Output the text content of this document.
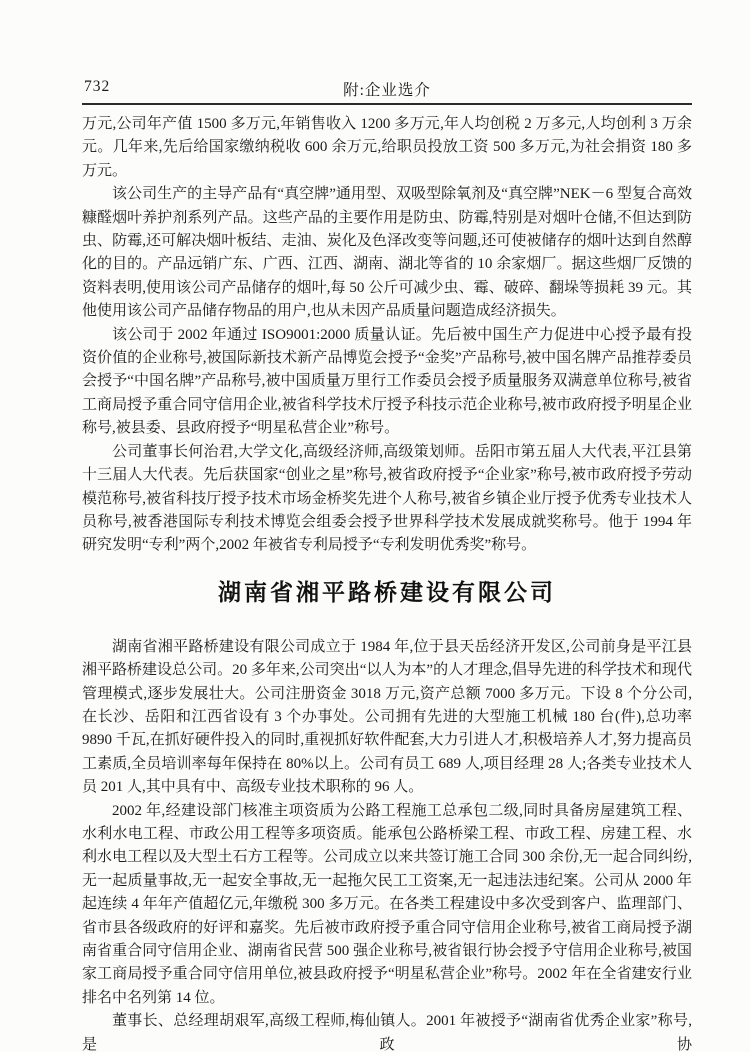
732	附:企业选介

万元,公司年产值 1500 多万元,年销售收入 1200 多万元,年人均创税 2 万多元,人均创利 3 万余元。几年来,先后给国家缴纳税收 600 余万元,给职员投放工资 500 多万元,为社会捐资 180 多万元。

该公司生产的主导产品有“真空牌”通用型、双吸型除氧剂及“真空牌”NEK－6 型复合高效糠醛烟叶养护剂系列产品。这些产品的主要作用是防虫、防霉,特别是对烟叶仓储,不但达到防虫、防霉,还可解决烟叶板结、走油、炭化及色泽改变等问题,还可使被储存的烟叶达到自然醇化的目的。产品远销广东、广西、江西、湖南、湖北等省的 10 余家烟厂。据这些烟厂反馈的资料表明,使用该公司产品储存的烟叶,每 50 公斤可减少虫、霉、破碎、翻垛等损耗 39 元。其他使用该公司产品储存物品的用户,也从未因产品质量问题造成经济损失。

该公司于 2002 年通过 ISO9001:2000 质量认证。先后被中国生产力促进中心授予最有投资价值的企业称号,被国际新技术新产品博览会授予“金奖”产品称号,被中国名牌产品推荐委员会授予“中国名牌”产品称号,被中国质量万里行工作委员会授予质量服务双满意单位称号,被省工商局授予重合同守信用企业,被省科学技术厅授予科技示范企业称号,被市政府授予明星企业称号,被县委、县政府授予“明星私营企业”称号。

公司董事长何治君,大学文化,高级经济师,高级策划师。岳阳市第五届人大代表,平江县第十三届人大代表。先后获国家“创业之星”称号,被省政府授予“企业家”称号,被市政府授予劳动模范称号,被省科技厅授予技术市场金桥奖先进个人称号,被省乡镇企业厅授予优秀专业技术人员称号,被香港国际专利技术博览会组委会授予世界科学技术发展成就奖称号。他于 1994 年研究发明“专利”两个,2002 年被省专利局授予“专利发明优秀奖”称号。

湖南省湘平路桥建设有限公司

湖南省湘平路桥建设有限公司成立于 1984 年,位于县天岳经济开发区,公司前身是平江县湘平路桥建设总公司。20 多年来,公司突出“以人为本”的人才理念,倡导先进的科学技术和现代管理模式,逐步发展壮大。公司注册资金 3018 万元,资产总额 7000 多万元。下设 8 个分公司,在长沙、岳阳和江西省设有 3 个办事处。公司拥有先进的大型施工机械 180 台(件),总功率 9890 千瓦,在抓好硬件投入的同时,重视抓好软件配套,大力引进人才,积极培养人才,努力提高员工素质,全员培训率每年保持在 80%以上。公司有员工 689 人,项目经理 28 人;各类专业技术人员 201 人,其中具有中、高级专业技术职称的 96 人。

2002 年,经建设部门核准主项资质为公路工程施工总承包二级,同时具备房屋建筑工程、水利水电工程、市政公用工程等多项资质。能承包公路桥梁工程、市政工程、房建工程、水利水电工程以及大型土石方工程等。公司成立以来共签订施工合同 300 余份,无一起合同纠纷,无一起质量事故,无一起安全事故,无一起拖欠民工工资案,无一起违法违纪案。公司从 2000 年起连续 4 年年产值超亿元,年缴税 300 多万元。在各类工程建设中多次受到客户、监理部门、省市县各级政府的好评和嘉奖。先后被市政府授予重合同守信用企业称号,被省工商局授予湖南省重合同守信用企业、湖南省民营 500 强企业称号,被省银行协会授予守信用企业称号,被国家工商局授予重合同守信用单位,被县政府授予“明星私营企业”称号。2002 年在全省建安行业排名中名列第 14 位。

董事长、总经理胡艰军,高级工程师,梅仙镇人。2001 年被授予“湖南省优秀企业家”称号,是政协
